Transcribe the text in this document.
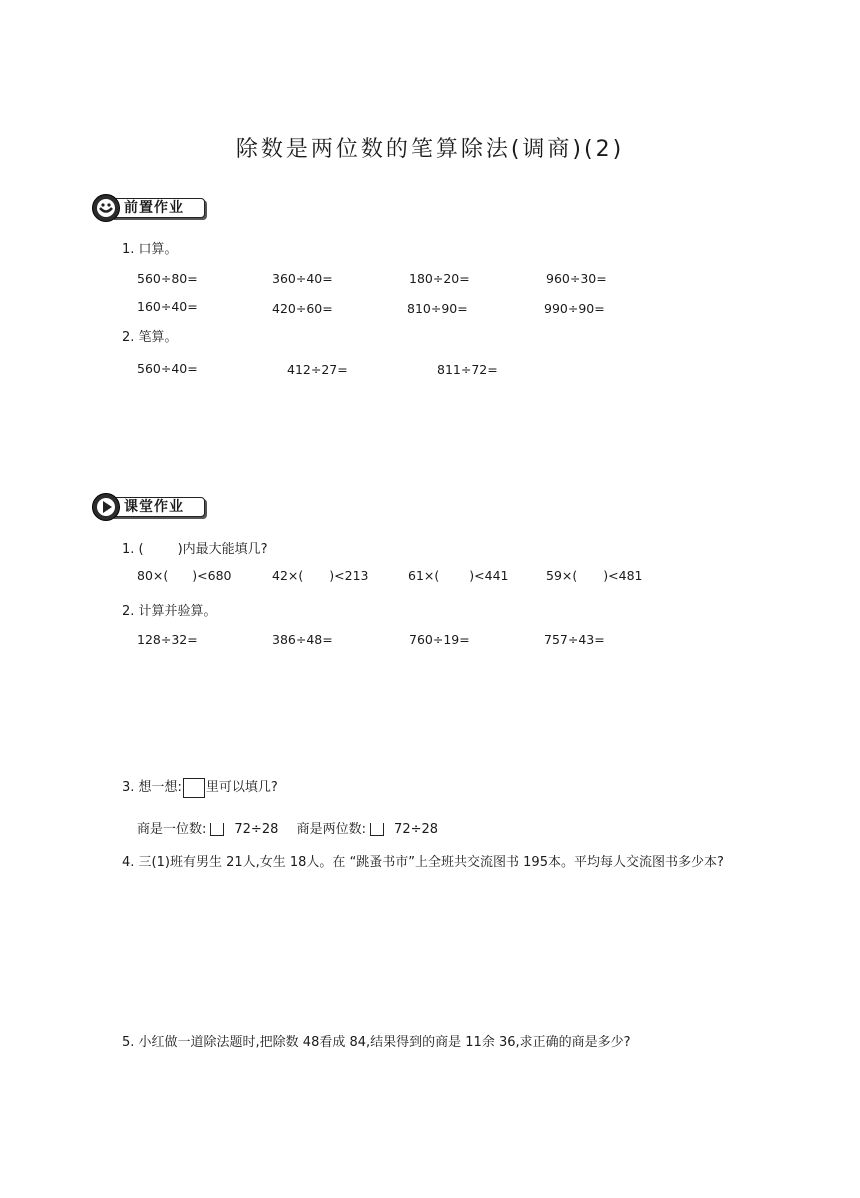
除数是两位数的笔算除法(调商)(2)
前置作业
1. 口算。
560÷80=	360÷40=	180÷20=	960÷30=
160÷40=	420÷60=	810÷90=	990÷90=
2. 笔算。
560÷40=	412÷27=	811÷72=
课堂作业
1. (	)内最大能填几?
80×( )<680	42×( )<213	61×( )<441	59×( )<481
2. 计算并验算。
128÷32=	386÷48=	760÷19=	757÷43=
3. 想一想: 里可以填几?
商是一位数: 72÷28 商是两位数: 72÷28
4. 三(1)班有男生 21人,女生 18人。在 “跳蚤书市”上全班共交流图书 195本。平均每人交流图书多少本?
5. 小红做一道除法题时,把除数 48看成 84,结果得到的商是 11余 36,求正确的商是多少?
